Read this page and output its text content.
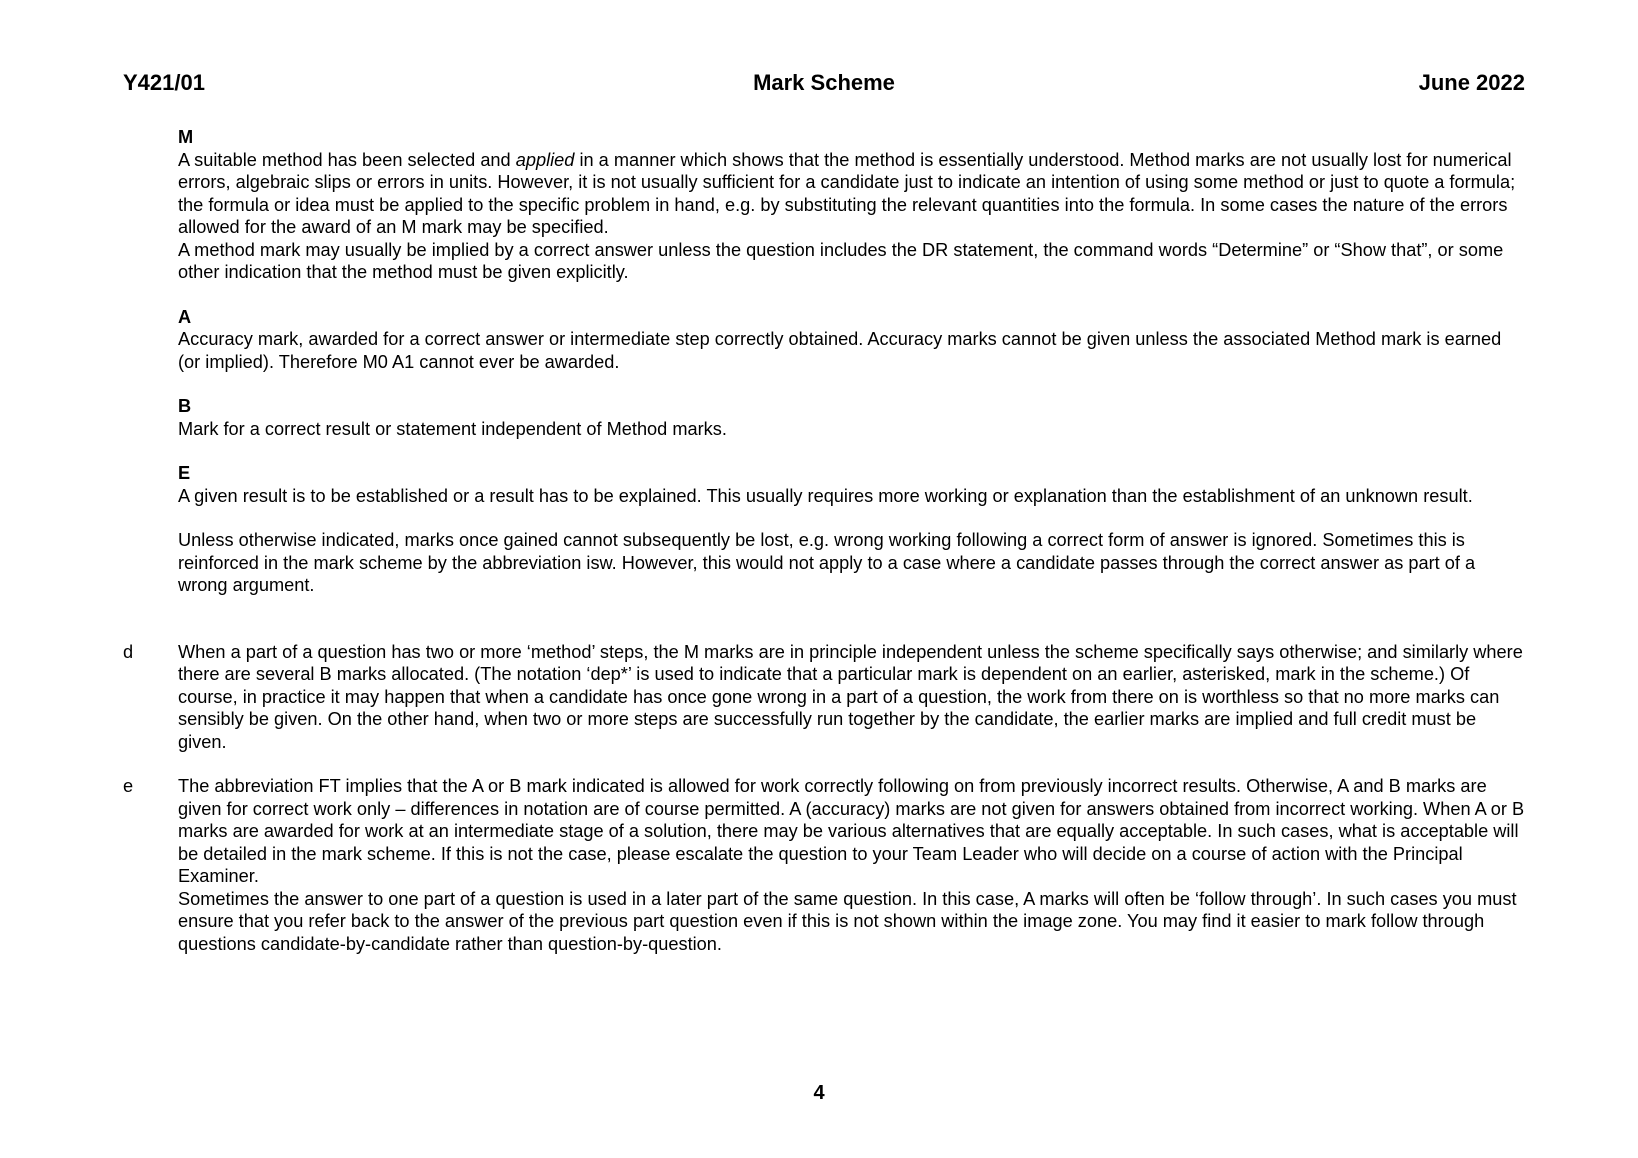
Y421/01	Mark Scheme	June 2022

M

A suitable method has been selected and applied in a manner which shows that the method is essentially understood. Method marks are not usually lost for numerical errors, algebraic slips or errors in units. However, it is not usually sufficient for a candidate just to indicate an intention of using some method or just to quote a formula; the formula or idea must be applied to the specific problem in hand, e.g. by substituting the relevant quantities into the formula. In some cases the nature of the errors allowed for the award of an M mark may be specified.

A method mark may usually be implied by a correct answer unless the question includes the DR statement, the command words “Determine” or “Show that”, or some other indication that the method must be given explicitly.

A

Accuracy mark, awarded for a correct answer or intermediate step correctly obtained. Accuracy marks cannot be given unless the associated Method mark is earned (or implied). Therefore M0 A1 cannot ever be awarded.

B

Mark for a correct result or statement independent of Method marks.

E

A given result is to be established or a result has to be explained. This usually requires more working or explanation than the establishment of an unknown result.

Unless otherwise indicated, marks once gained cannot subsequently be lost, e.g. wrong working following a correct form of answer is ignored. Sometimes this is reinforced in the mark scheme by the abbreviation isw. However, this would not apply to a case where a candidate passes through the correct answer as part of a wrong argument.

d When a part of a question has two or more ‘method’ steps, the M marks are in principle independent unless the scheme specifically says otherwise; and similarly where there are several B marks allocated. (The notation ‘dep*’ is used to indicate that a particular mark is dependent on an earlier, asterisked, mark in the scheme.) Of course, in practice it may happen that when a candidate has once gone wrong in a part of a question, the work from there on is worthless so that no more marks can sensibly be given. On the other hand, when two or more steps are successfully run together by the candidate, the earlier marks are implied and full credit must be given.

e The abbreviation FT implies that the A or B mark indicated is allowed for work correctly following on from previously incorrect results. Otherwise, A and B marks are given for correct work only – differences in notation are of course permitted. A (accuracy) marks are not given for answers obtained from incorrect working. When A or B marks are awarded for work at an intermediate stage of a solution, there may be various alternatives that are equally acceptable. In such cases, what is acceptable will be detailed in the mark scheme. If this is not the case, please escalate the question to your Team Leader who will decide on a course of action with the Principal Examiner.

Sometimes the answer to one part of a question is used in a later part of the same question. In this case, A marks will often be ‘follow through’. In such cases you must ensure that you refer back to the answer of the previous part question even if this is not shown within the image zone. You may find it easier to mark follow through questions candidate-by-candidate rather than question-by-question.

4
